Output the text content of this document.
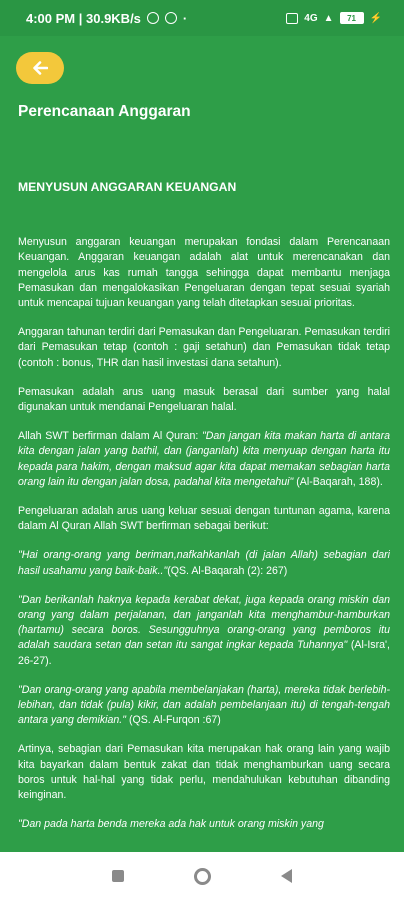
4:00 PM | 30.9KB/s	·	4G ▲	71	⚡
Perencanaan Anggaran
MENYUSUN ANGGARAN KEUANGAN

Menyusun anggaran keuangan merupakan fondasi dalam Perencanaan Keuangan. Anggaran keuangan adalah alat untuk merencanakan dan mengelola arus kas rumah tangga sehingga dapat membantu menjaga Pemasukan dan mengalokasikan Pengeluaran dengan tepat sesuai syariah untuk mencapai tujuan keuangan yang telah ditetapkan sesuai prioritas.

Anggaran tahunan terdiri dari Pemasukan dan Pengeluaran. Pemasukan terdiri dari Pemasukan tetap (contoh : gaji setahun) dan Pemasukan tidak tetap (contoh : bonus, THR dan hasil investasi dana setahun).

Pemasukan adalah arus uang masuk berasal dari sumber yang halal digunakan untuk mendanai Pengeluaran halal.

Allah SWT berfirman dalam Al Quran: "Dan jangan kita makan harta di antara kita dengan jalan yang bathil, dan (janganlah) kita menyuap dengan harta itu kepada para hakim, dengan maksud agar kita dapat memakan sebagian harta orang lain itu dengan jalan dosa, padahal kita mengetahui" (Al-Baqarah, 188).

Pengeluaran adalah arus uang keluar sesuai dengan tuntunan agama, karena dalam Al Quran Allah SWT berfirman sebagai berikut:

"Hai orang-orang yang beriman,nafkahkanlah (di jalan Allah) sebagian dari hasil usahamu yang baik-baik.."(QS. Al-Baqarah (2): 267)

"Dan berikanlah haknya kepada kerabat dekat, juga kepada orang miskin dan orang yang dalam perjalanan, dan janganlah kita menghambur-hamburkan (hartamu) secara boros. Sesungguhnya orang-orang yang pemboros itu adalah saudara setan dan setan itu sangat ingkar kepada Tuhannya" (Al-Isra', 26-27).

"Dan orang-orang yang apabila membelanjakan (harta), mereka tidak berlebih-lebihan, dan tidak (pula) kikir, dan adalah pembelanjaan itu) di tengah-tengah antara yang demikian." (QS. Al-Furqon :67)

Artinya, sebagian dari Pemasukan kita merupakan hak orang lain yang wajib kita bayarkan dalam bentuk zakat dan tidak menghamburkan uang secara boros untuk hal-hal yang tidak perlu, mendahulukan kebutuhan dibanding keinginan.

"Dan pada harta benda mereka ada hak untuk orang miskin yang
